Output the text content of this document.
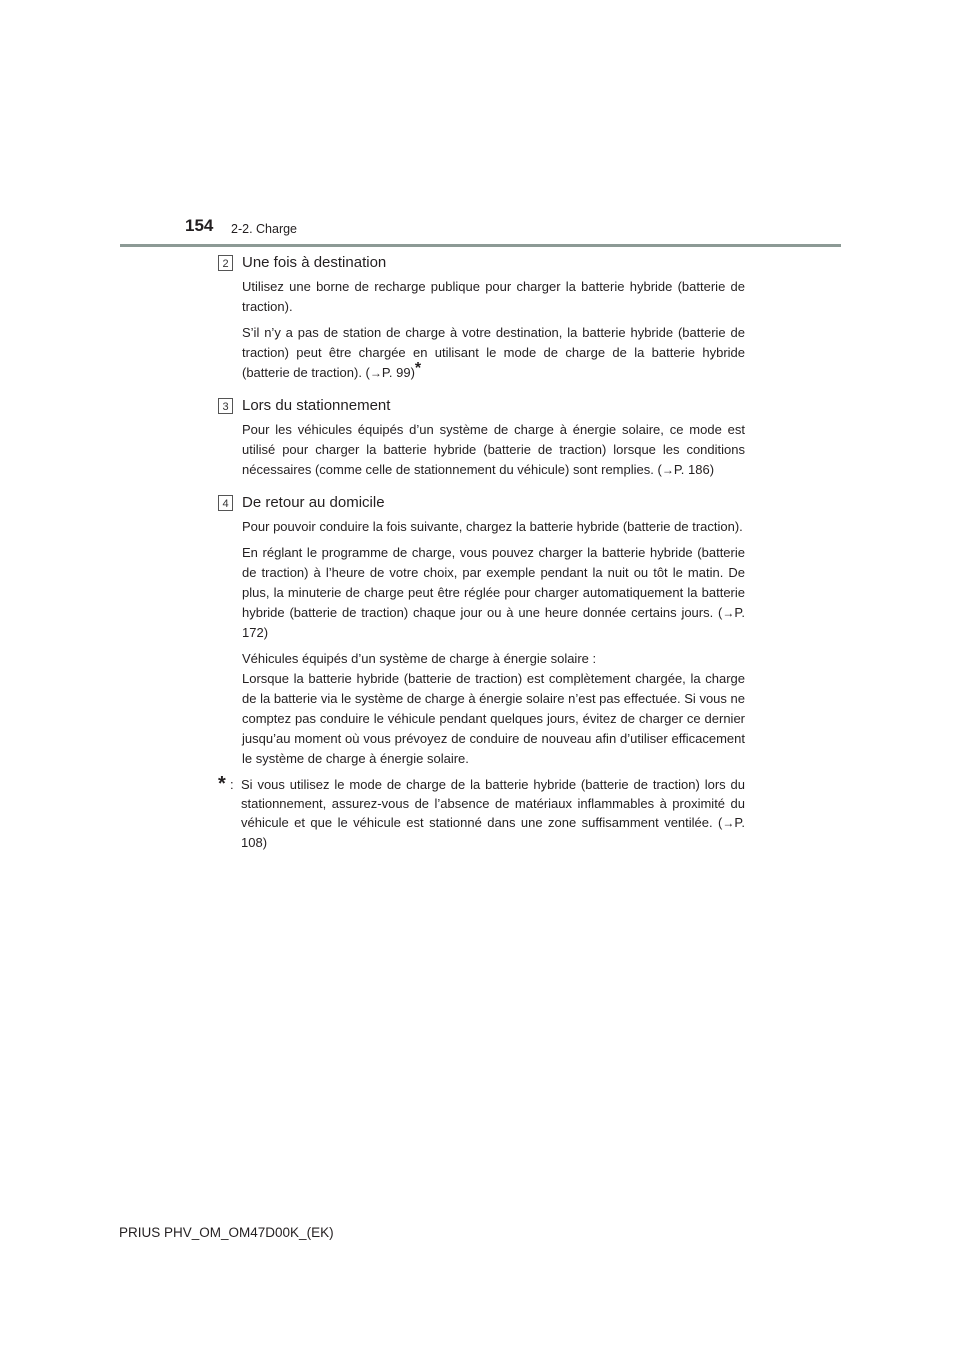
154 2-2. Charge
2 Une fois à destination

Utilisez une borne de recharge publique pour charger la batterie hybride (batterie de traction).

S’il n’y a pas de station de charge à votre destination, la batterie hybride (batterie de traction) peut être chargée en utilisant le mode de charge de la batterie hybride (batterie de traction). (→P. 99)*

3 Lors du stationnement

Pour les véhicules équipés d’un système de charge à énergie solaire, ce mode est utilisé pour charger la batterie hybride (batterie de traction) lorsque les conditions nécessaires (comme celle de stationnement du véhicule) sont remplies. (→P. 186)

4 De retour au domicile

Pour pouvoir conduire la fois suivante, chargez la batterie hybride (batterie de traction).

En réglant le programme de charge, vous pouvez charger la batterie hybride (batterie de traction) à l’heure de votre choix, par exemple pendant la nuit ou tôt le matin. De plus, la minuterie de charge peut être réglée pour charger automatiquement la batterie hybride (batterie de traction) chaque jour ou à une heure donnée certains jours. (→P. 172)

Véhicules équipés d’un système de charge à énergie solaire :
Lorsque la batterie hybride (batterie de traction) est complètement chargée, la charge de la batterie via le système de charge à énergie solaire n’est pas effectuée. Si vous ne comptez pas conduire le véhicule pendant quelques jours, évitez de charger ce dernier jusqu’au moment où vous prévoyez de conduire de nouveau afin d’utiliser efficacement le système de charge à énergie solaire.

* : Si vous utilisez le mode de charge de la batterie hybride (batterie de traction) lors du stationnement, assurez-vous de l’absence de matériaux inflammables à proximité du véhicule et que le véhicule est stationné dans une zone suffisamment ventilée. (→P. 108)
PRIUS PHV_OM_OM47D00K_(EK)
